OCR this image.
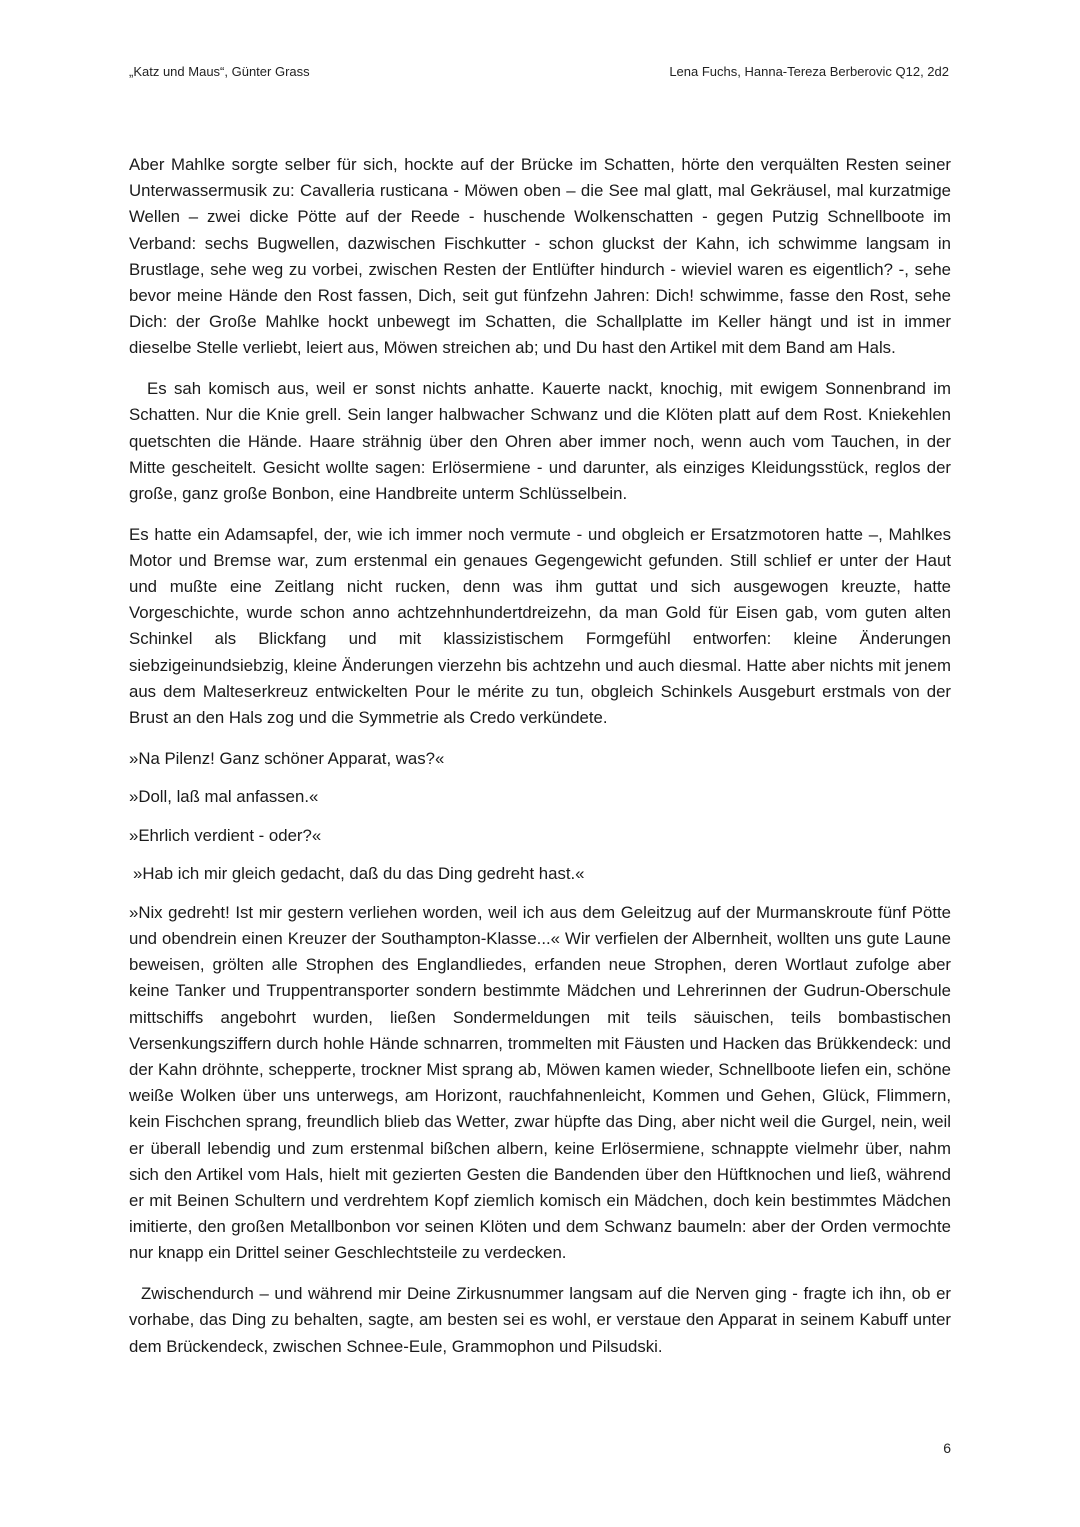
„Katz und Maus“, Günter Grass	Lena Fuchs, Hanna-Tereza Berberovic Q12, 2d2

Aber Mahlke sorgte selber für sich, hockte auf der Brücke im Schatten, hörte den verquälten Resten seiner Unterwassermusik zu: Cavalleria rusticana - Möwen oben – die See mal glatt, mal Gekräusel, mal kurzatmige Wellen – zwei dicke Pötte auf der Reede - huschende Wolkenschatten - gegen Putzig Schnellboote im Verband: sechs Bugwellen, dazwischen Fischkutter - schon gluckst der Kahn, ich schwimme langsam in Brustlage, sehe weg zu vorbei, zwischen Resten der Entlüfter hindurch - wieviel waren es eigentlich? -, sehe bevor meine Hände den Rost fassen, Dich, seit gut fünfzehn Jahren: Dich! schwimme, fasse den Rost, sehe Dich: der Große Mahlke hockt unbewegt im Schatten, die Schallplatte im Keller hängt und ist in immer dieselbe Stelle verliebt, leiert aus, Möwen streichen ab; und Du hast den Artikel mit dem Band am Hals.

Es sah komisch aus, weil er sonst nichts anhatte. Kauerte nackt, knochig, mit ewigem Sonnenbrand im Schatten. Nur die Knie grell. Sein langer halbwacher Schwanz und die Klöten platt auf dem Rost. Kniekehlen quetschten die Hände. Haare strähnig über den Ohren aber immer noch, wenn auch vom Tauchen, in der Mitte gescheitelt. Gesicht wollte sagen: Erlösermiene - und darunter, als einziges Kleidungsstück, reglos der große, ganz große Bonbon, eine Handbreite unterm Schlüsselbein.

Es hatte ein Adamsapfel, der, wie ich immer noch vermute - und obgleich er Ersatzmotoren hatte –, Mahlkes Motor und Bremse war, zum erstenmal ein genaues Gegengewicht gefunden. Still schlief er unter der Haut und mußte eine Zeitlang nicht rucken, denn was ihm guttat und sich ausgewogen kreuzte, hatte Vorgeschichte, wurde schon anno achtzehnhundertdreizehn, da man Gold für Eisen gab, vom guten alten Schinkel als Blickfang und mit klassizistischem Formgefühl entworfen: kleine Änderungen siebzigeinundsiebzig, kleine Änderungen vierzehn bis achtzehn und auch diesmal. Hatte aber nichts mit jenem aus dem Malteserkreuz entwickelten Pour le mérite zu tun, obgleich Schinkels Ausgeburt erstmals von der Brust an den Hals zog und die Symmetrie als Credo verkündete.

»Na Pilenz! Ganz schöner Apparat, was?«

»Doll, laß mal anfassen.«

»Ehrlich verdient - oder?«

»Hab ich mir gleich gedacht, daß du das Ding gedreht hast.«

»Nix gedreht! Ist mir gestern verliehen worden, weil ich aus dem Geleitzug auf der Murmanskroute fünf Pötte und obendrein einen Kreuzer der Southampton-Klasse...« Wir verfielen der Albernheit, wollten uns gute Laune beweisen, grölten alle Strophen des Englandliedes, erfanden neue Strophen, deren Wortlaut zufolge aber keine Tanker und Truppentransporter sondern bestimmte Mädchen und Lehrerinnen der Gudrun-Oberschule mittschiffs angebohrt wurden, ließen Sondermeldungen mit teils säuischen, teils bombastischen Versenkungsziffern durch hohle Hände schnarren, trommelten mit Fäusten und Hacken das Brükkendeck: und der Kahn dröhnte, schepperte, trockner Mist sprang ab, Möwen kamen wieder, Schnellboote liefen ein, schöne weiße Wolken über uns unterwegs, am Horizont, rauchfahnenleicht, Kommen und Gehen, Glück, Flimmern, kein Fischchen sprang, freundlich blieb das Wetter, zwar hüpfte das Ding, aber nicht weil die Gurgel, nein, weil er überall lebendig und zum erstenmal bißchen albern, keine Erlösermiene, schnappte vielmehr über, nahm sich den Artikel vom Hals, hielt mit gezierten Gesten die Bandenden über den Hüftknochen und ließ, während er mit Beinen Schultern und verdrehtem Kopf ziemlich komisch ein Mädchen, doch kein bestimmtes Mädchen imitierte, den großen Metallbonbon vor seinen Klöten und dem Schwanz baumeln: aber der Orden vermochte nur knapp ein Drittel seiner Geschlechtsteile zu verdecken.

Zwischendurch – und während mir Deine Zirkusnummer langsam auf die Nerven ging - fragte ich ihn, ob er vorhabe, das Ding zu behalten, sagte, am besten sei es wohl, er verstaue den Apparat in seinem Kabuff unter dem Brückendeck, zwischen Schnee-Eule, Grammophon und Pilsudski.

6
